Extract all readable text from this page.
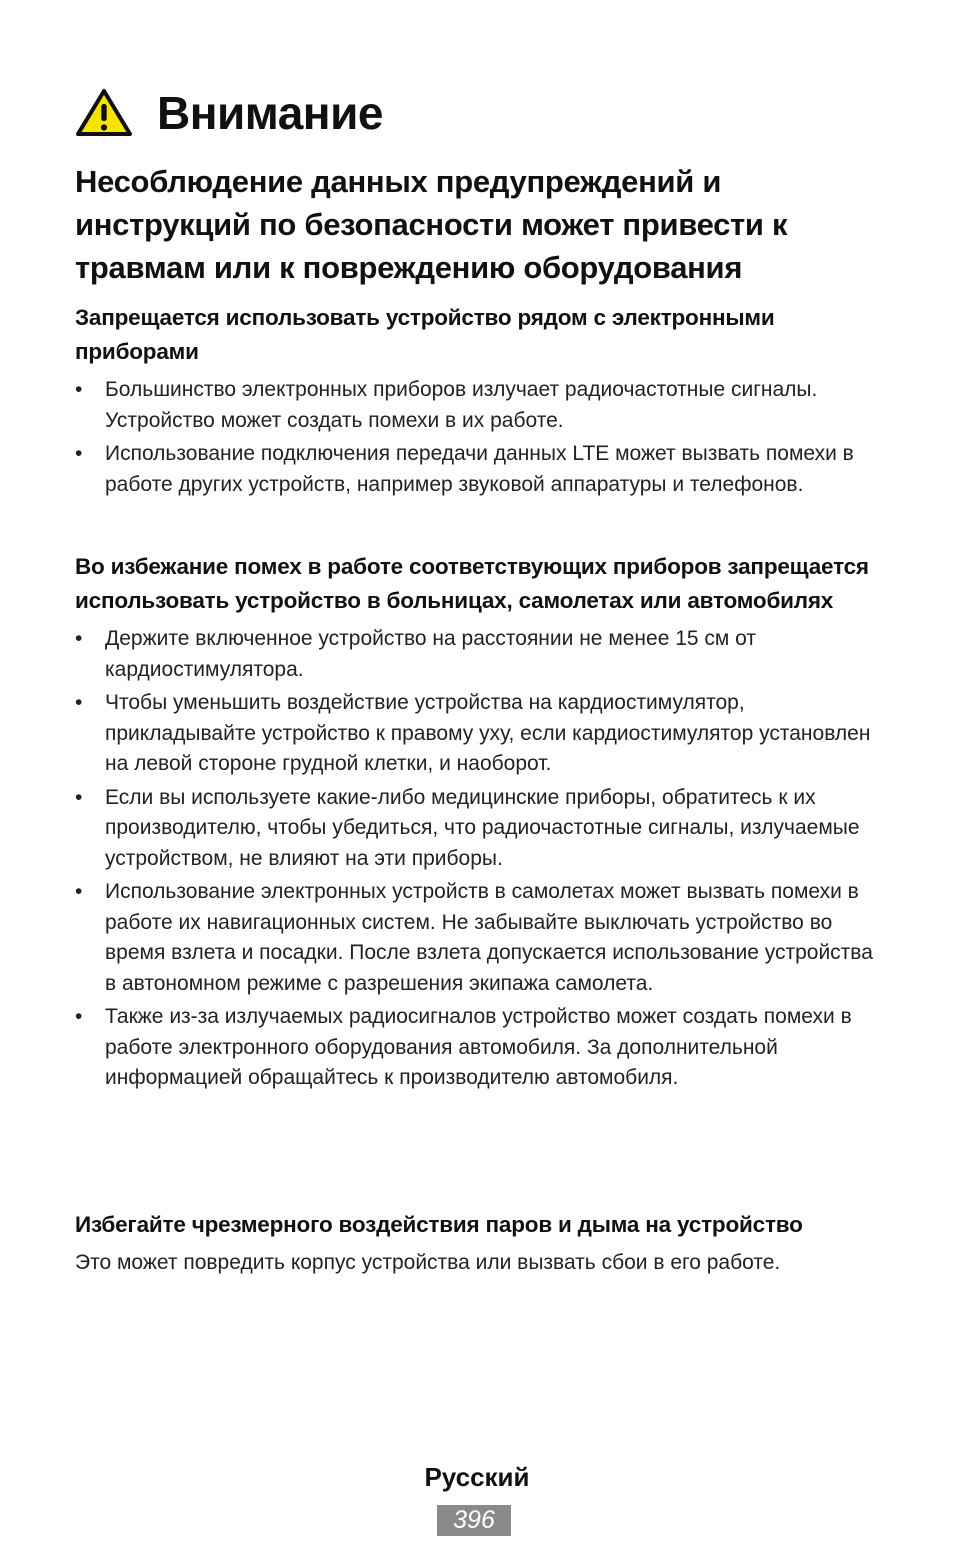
Внимание
Несоблюдение данных предупреждений и инструкций по безопасности может привести к травмам или к повреждению оборудования
Запрещается использовать устройство рядом с электронными приборами
• Большинство электронных приборов излучает радиочастотные сигналы. Устройство может создать помехи в их работе.
• Использование подключения передачи данных LTE может вызвать помехи в работе других устройств, например звуковой аппаратуры и телефонов.
Во избежание помех в работе соответствующих приборов запрещается использовать устройство в больницах, самолетах или автомобилях
• Держите включенное устройство на расстоянии не менее 15 см от кардиостимулятора.
• Чтобы уменьшить воздействие устройства на кардиостимулятор, прикладывайте устройство к правому уху, если кардиостимулятор установлен на левой стороне грудной клетки, и наоборот.
• Если вы используете какие-либо медицинские приборы, обратитесь к их производителю, чтобы убедиться, что радиочастотные сигналы, излучаемые устройством, не влияют на эти приборы.
• Использование электронных устройств в самолетах может вызвать помехи в работе их навигационных систем. Не забывайте выключать устройство во время взлета и посадки. После взлета допускается использование устройства в автономном режиме с разрешения экипажа самолета.
• Также из-за излучаемых радиосигналов устройство может создать помехи в работе электронного оборудования автомобиля. За дополнительной информацией обращайтесь к производителю автомобиля.
Избегайте чрезмерного воздействия паров и дыма на устройство
Это может повредить корпус устройства или вызвать сбои в его работе.
Русский
396
